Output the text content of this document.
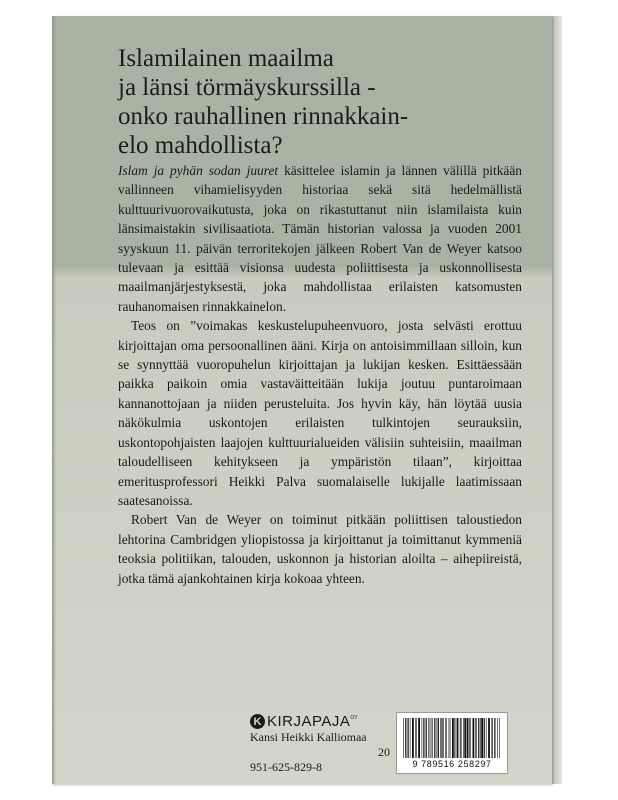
Islamilainen maailma
ja länsi törmäyskurssilla -
onko rauhallinen rinnakkain-
elo mahdollista?

Islam ja pyhän sodan juuret käsittelee islamin ja lännen välillä pitkään vallinneen vihamielisyyden historiaa sekä sitä hedelmällistä kulttuurivuorovaikutusta, joka on rikastuttanut niin islamilaista kuin länsimaistakin sivilisaatiota. Tämän historian valossa ja vuoden 2001 syyskuun 11. päivän terroritekojen jälkeen Robert Van de Weyer katsoo tulevaan ja esittää visionsa uudesta poliittisesta ja uskonnollisesta maailmanjärjestyksestä, joka mahdollistaa erilaisten katsomusten rauhanomaisen rinnakkainelon.

Teos on ”voimakas keskustelupuheenvuoro, josta selvästi erottuu kirjoittajan oma persoonallinen ääni. Kirja on antoisimmillaan silloin, kun se synnyttää vuoropuhelun kirjoittajan ja lukijan kesken. Esittäessään paikka paikoin omia vastaväitteitään lukija joutuu puntaroimaan kannanottojaan ja niiden perusteluita. Jos hyvin käy, hän löytää uusia näkökulmia uskontojen erilaisten tulkintojen seurauksiin, uskontopohjaisten laajojen kulttuurialueiden välisiin suhteisiin, maailman taloudelliseen kehitykseen ja ympäristön tilaan”, kirjoittaa emeritusprofessori Heikki Palva suomalaiselle lukijalle laatimissaan saatesanoissa.

Robert Van de Weyer on toiminut pitkään poliittisen taloustiedon lehtorina Cambridgen yliopistossa ja kirjoittanut ja toimittanut kymmeniä teoksia politiikan, talouden, uskonnon ja historian aloilta – aihepiireistä, jotka tämä ajankohtainen kirja kokoaa yhteen.

K KIRJAPAJA OY
Kansi Heikki Kalliomaa
20
951-625-829-8	9 789516 258297
